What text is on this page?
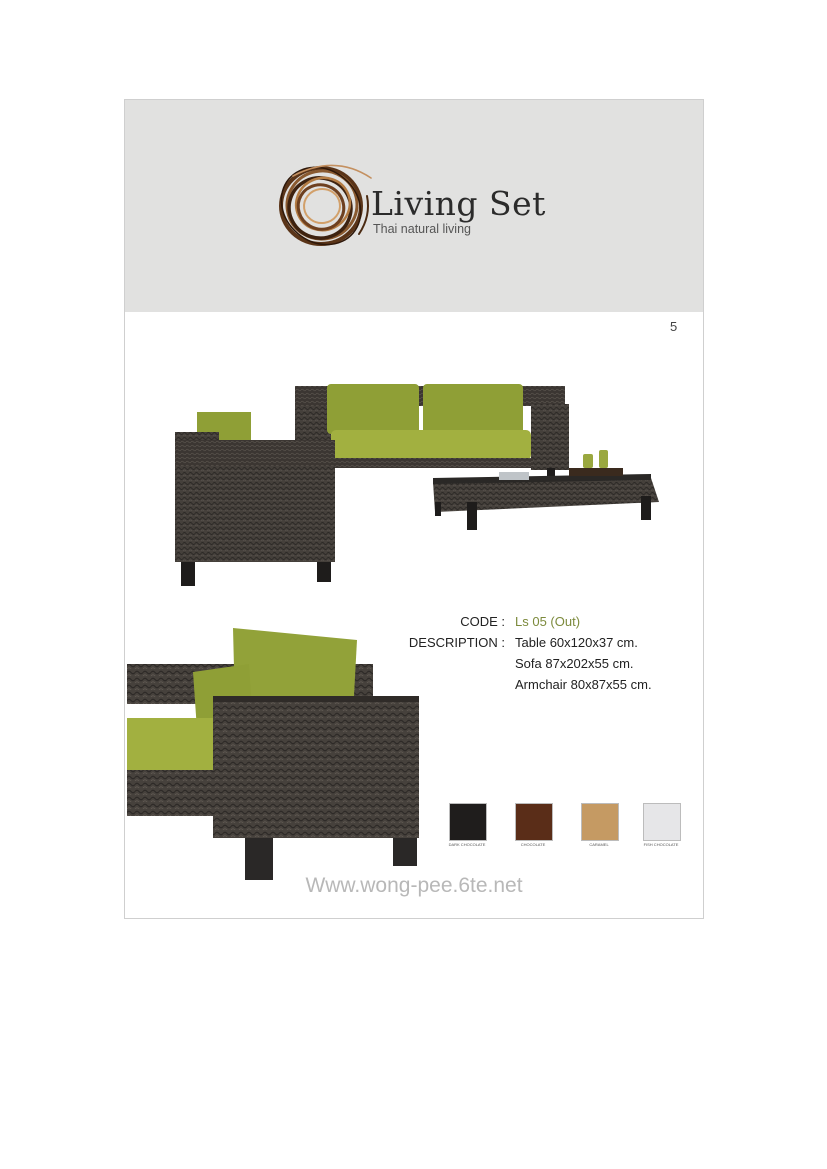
Living Set
Thai natural living
5
CODE : Ls 05 (Out)
DESCRIPTION : Table 60x120x37 cm.
Sofa 87x202x55 cm.
Armchair 80x87x55 cm.
DARK CHOCOLATE	CHOCOLATE	CARAMEL	FISH CHOCOLATE
Www.wong-pee.6te.net
